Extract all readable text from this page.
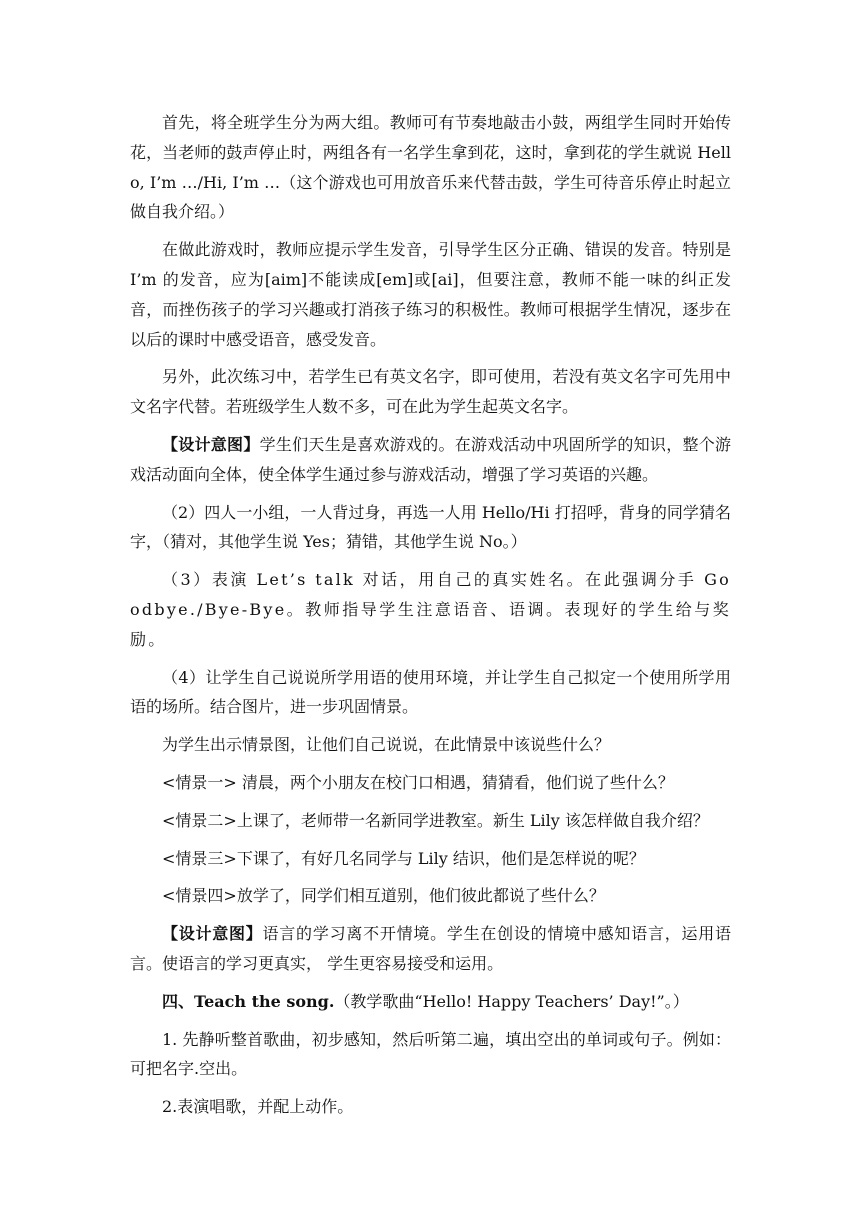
首先，将全班学生分为两大组。教师可有节奏地敲击小鼓，两组学生同时开始传花，当老师的鼓声停止时，两组各有一名学生拿到花，这时，拿到花的学生就说 Hello, I’m …/Hi, I’m …（这个游戏也可用放音乐来代替击鼓，学生可待音乐停止时起立做自我介绍。）

在做此游戏时，教师应提示学生发音，引导学生区分正确、错误的发音。特别是 I’m 的发音，应为[aim]不能读成[em]或[ai]，但要注意，教师不能一味的纠正发音，而挫伤孩子的学习兴趣或打消孩子练习的积极性。教师可根据学生情况，逐步在以后的课时中感受语音，感受发音。

另外，此次练习中，若学生已有英文名字，即可使用，若没有英文名字可先用中文名字代替。若班级学生人数不多，可在此为学生起英文名字。

【设计意图】学生们天生是喜欢游戏的。在游戏活动中巩固所学的知识，整个游戏活动面向全体，使全体学生通过参与游戏活动，增强了学习英语的兴趣。

（2）四人一小组，一人背过身，再选一人用 Hello/Hi 打招呼，背身的同学猜名字，（猜对，其他学生说 Yes；猜错，其他学生说 No。）

（3）表演 Let’s talk 对话，用自己的真实姓名。在此强调分手 Goodbye./Bye-Bye。教师指导学生注意语音、语调。表现好的学生给与奖励。

（4）让学生自己说说所学用语的使用环境，并让学生自己拟定一个使用所学用语的场所。结合图片，进一步巩固情景。

为学生出示情景图，让他们自己说说，在此情景中该说些什么？

<情景一> 清晨，两个小朋友在校门口相遇，猜猜看，他们说了些什么？

<情景二>上课了，老师带一名新同学进教室。新生 Lily 该怎样做自我介绍？

<情景三>下课了，有好几名同学与 Lily 结识，他们是怎样说的呢？

<情景四>放学了，同学们相互道别，他们彼此都说了些什么？

【设计意图】语言的学习离不开情境。学生在创设的情境中感知语言，运用语言。使语言的学习更真实， 学生更容易接受和运用。

四、Teach the song.（教学歌曲“Hello! Happy Teachers’ Day!”。）

1. 先静听整首歌曲，初步感知，然后听第二遍，填出空出的单词或句子。例如：可把名字.空出。

2.表演唱歌，并配上动作。
